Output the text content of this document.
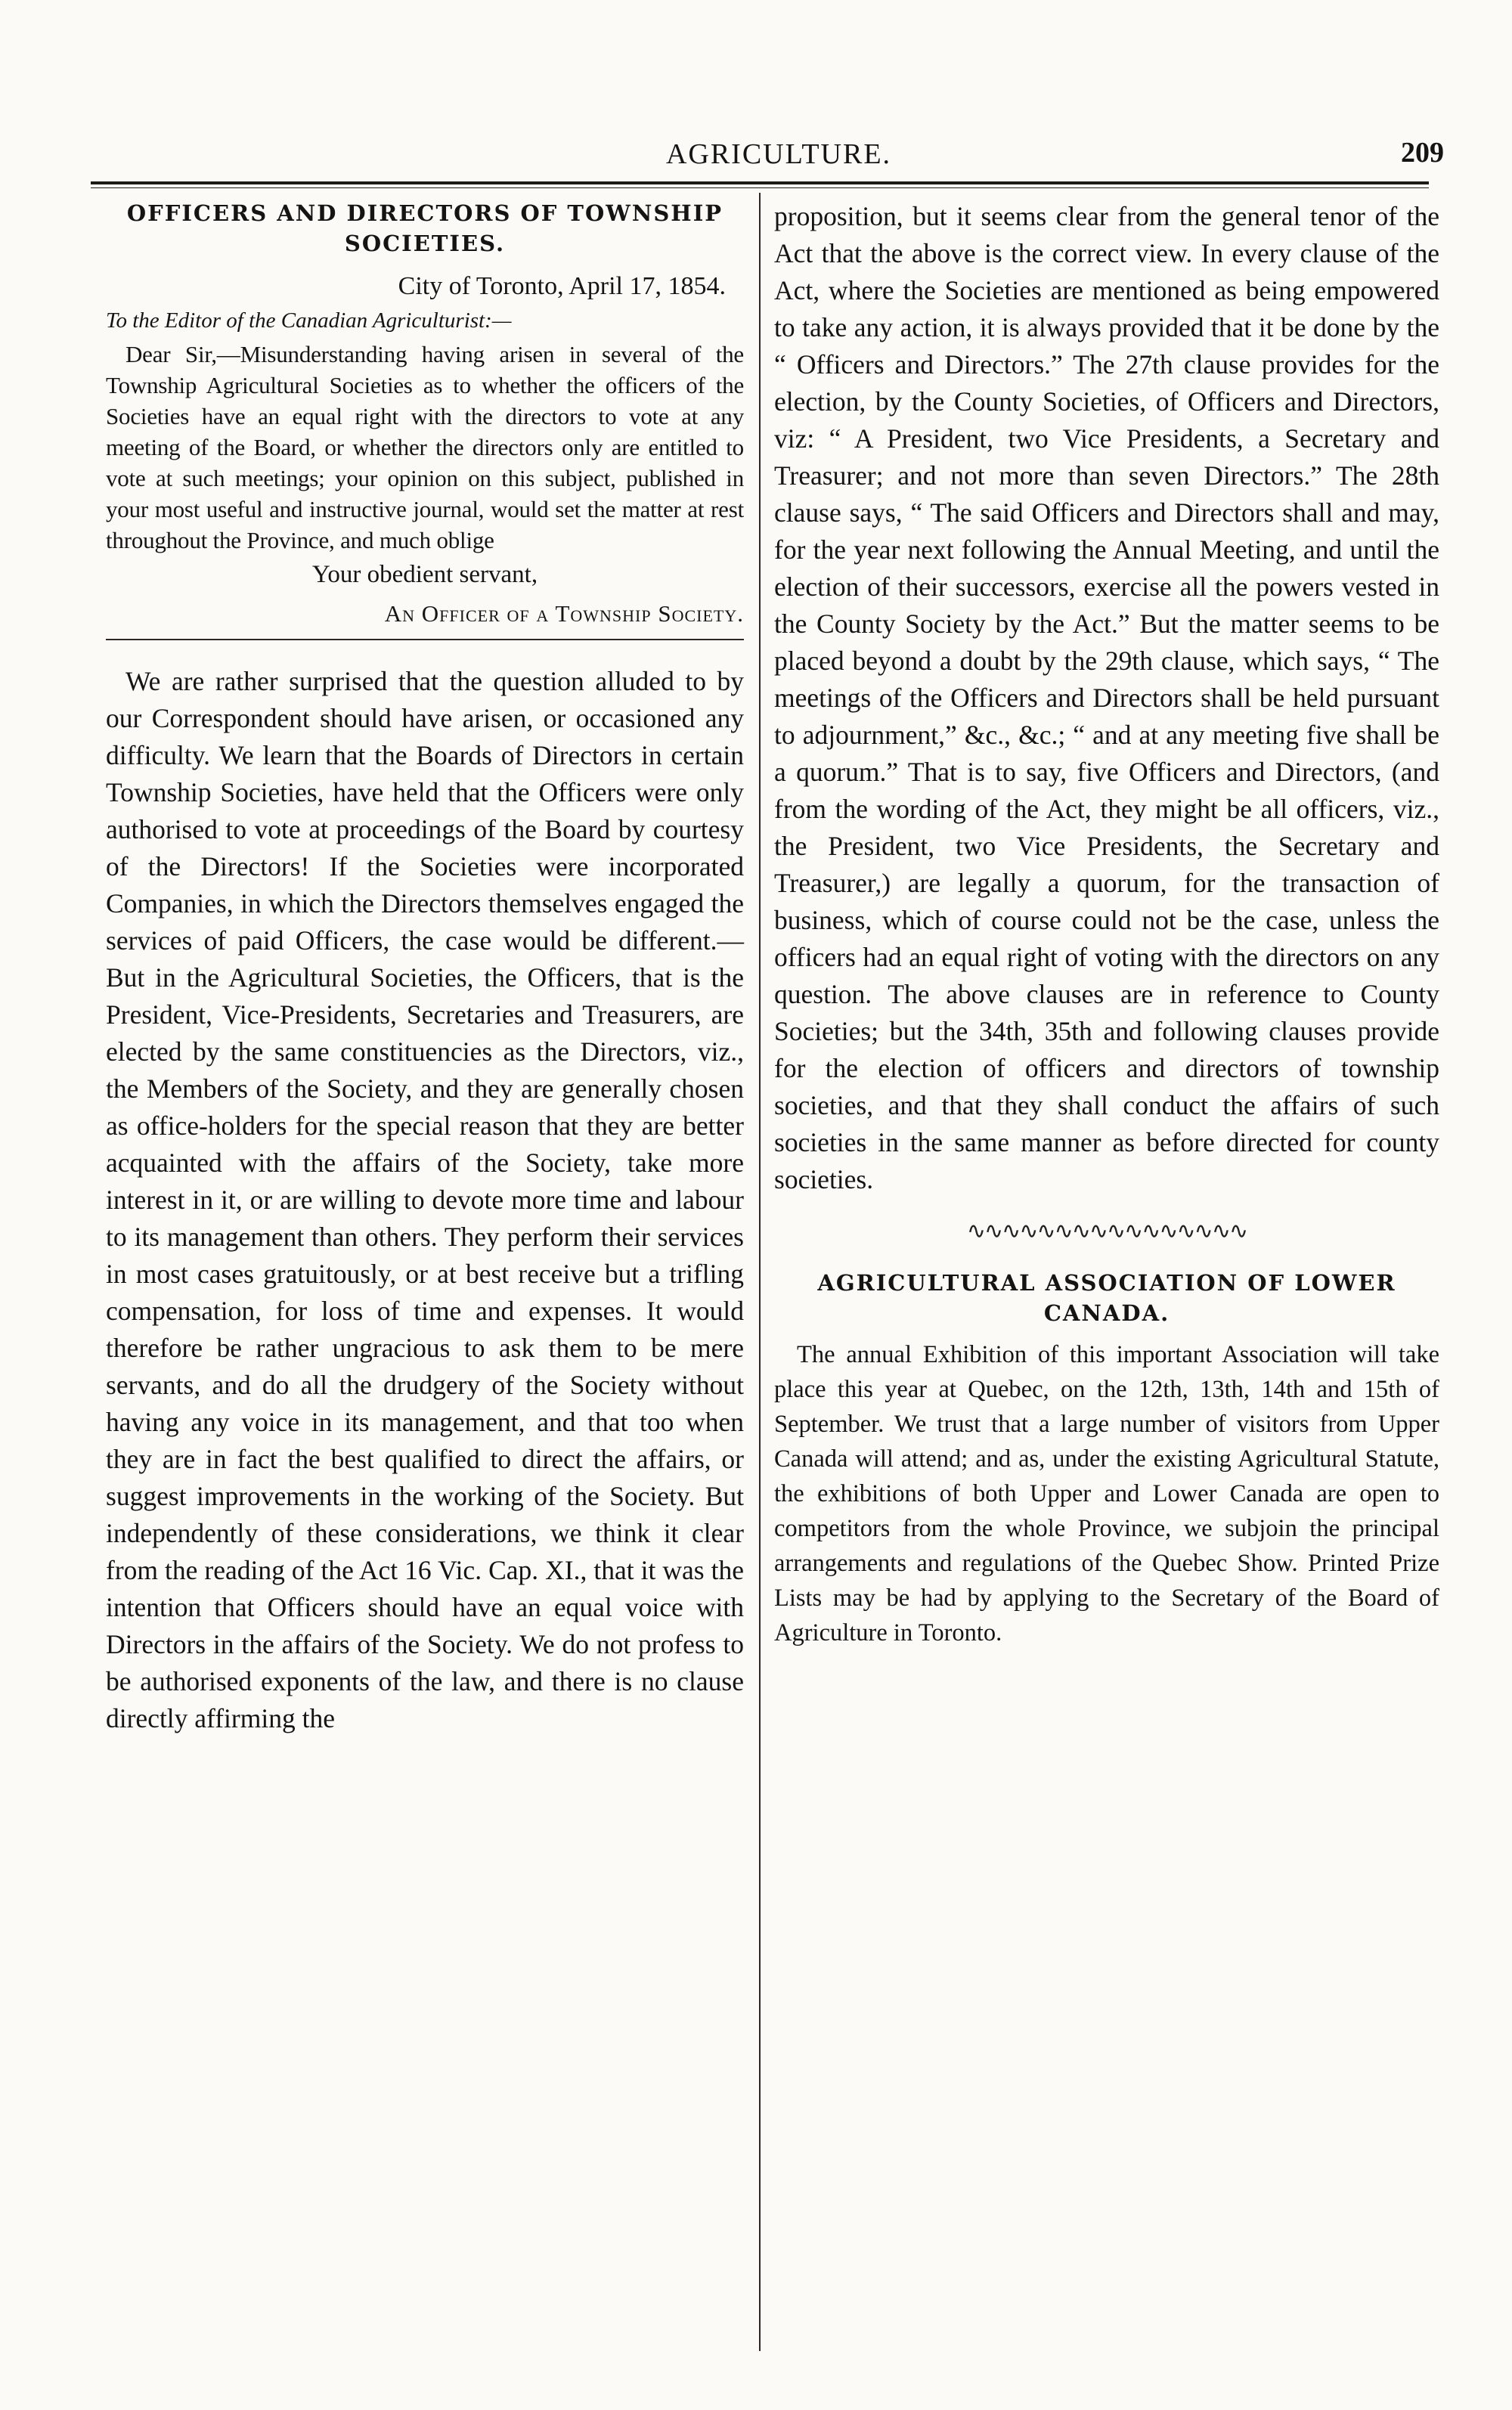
AGRICULTURE.	209
OFFICERS AND DIRECTORS OF TOWNSHIP SOCIETIES.
City of Toronto, April 17, 1854.
To the Editor of the Canadian Agriculturist:—

Dear Sir,—Misunderstanding having arisen in several of the Township Agricultural Societies as to whether the officers of the Societies have an equal right with the directors to vote at any meeting of the Board, or whether the directors only are entitled to vote at such meetings; your opinion on this subject, published in your most useful and instructive journal, would set the matter at rest throughout the Province, and much oblige

Your obedient servant,
An Officer of a Township Society.

We are rather surprised that the question alluded to by our Correspondent should have arisen, or occasioned any difficulty. We learn that the Boards of Directors in certain Township Societies, have held that the Officers were only authorised to vote at proceedings of the Board by courtesy of the Directors! If the Societies were incorporated Companies, in which the Directors themselves engaged the services of paid Officers, the case would be different.— But in the Agricultural Societies, the Officers, that is the President, Vice-Presidents, Secretaries and Treasurers, are elected by the same constituencies as the Directors, viz., the Members of the Society, and they are generally chosen as office-holders for the special reason that they are better acquainted with the affairs of the Society, take more interest in it, or are willing to devote more time and labour to its management than others. They perform their services in most cases gratuitously, or at best receive but a trifling compensation, for loss of time and expenses. It would therefore be rather ungracious to ask them to be mere servants, and do all the drudgery of the Society without having any voice in its management, and that too when they are in fact the best qualified to direct the affairs, or suggest improvements in the working of the Society. But independently of these considerations, we think it clear from the reading of the Act 16 Vic. Cap. XI., that it was the intention that Officers should have an equal voice with Directors in the affairs of the Society. We do not profess to be authorised exponents of the law, and there is no clause directly affirming the

proposition, but it seems clear from the general tenor of the Act that the above is the correct view. In every clause of the Act, where the Societies are mentioned as being empowered to take any action, it is always provided that it be done by the “ Officers and Directors.” The 27th clause provides for the election, by the County Societies, of Officers and Directors, viz: “ A President, two Vice Presidents, a Secretary and Treasurer; and not more than seven Directors.” The 28th clause says, “ The said Officers and Directors shall and may, for the year next following the Annual Meeting, and until the election of their successors, exercise all the powers vested in the County Society by the Act.” But the matter seems to be placed beyond a doubt by the 29th clause, which says, “ The meetings of the Officers and Directors shall be held pursuant to adjournment,” &c., &c.; “ and at any meeting five shall be a quorum.” That is to say, five Officers and Directors, (and from the wording of the Act, they might be all officers, viz., the President, two Vice Presidents, the Secretary and Treasurer,) are legally a quorum, for the transaction of business, which of course could not be the case, unless the officers had an equal right of voting with the directors on any question. The above clauses are in reference to County Societies; but the 34th, 35th and following clauses provide for the election of officers and directors of township societies, and that they shall conduct the affairs of such societies in the same manner as before directed for county societies.

∿∿∿∿∿∿∿∿∿∿∿∿∿∿∿∿
AGRICULTURAL ASSOCIATION OF LOWER CANADA.

The annual Exhibition of this important Association will take place this year at Quebec, on the 12th, 13th, 14th and 15th of September. We trust that a large number of visitors from Upper Canada will attend; and as, under the existing Agricultural Statute, the exhibitions of both Upper and Lower Canada are open to competitors from the whole Province, we subjoin the principal arrangements and regulations of the Quebec Show. Printed Prize Lists may be had by applying to the Secretary of the Board of Agriculture in Toronto.
